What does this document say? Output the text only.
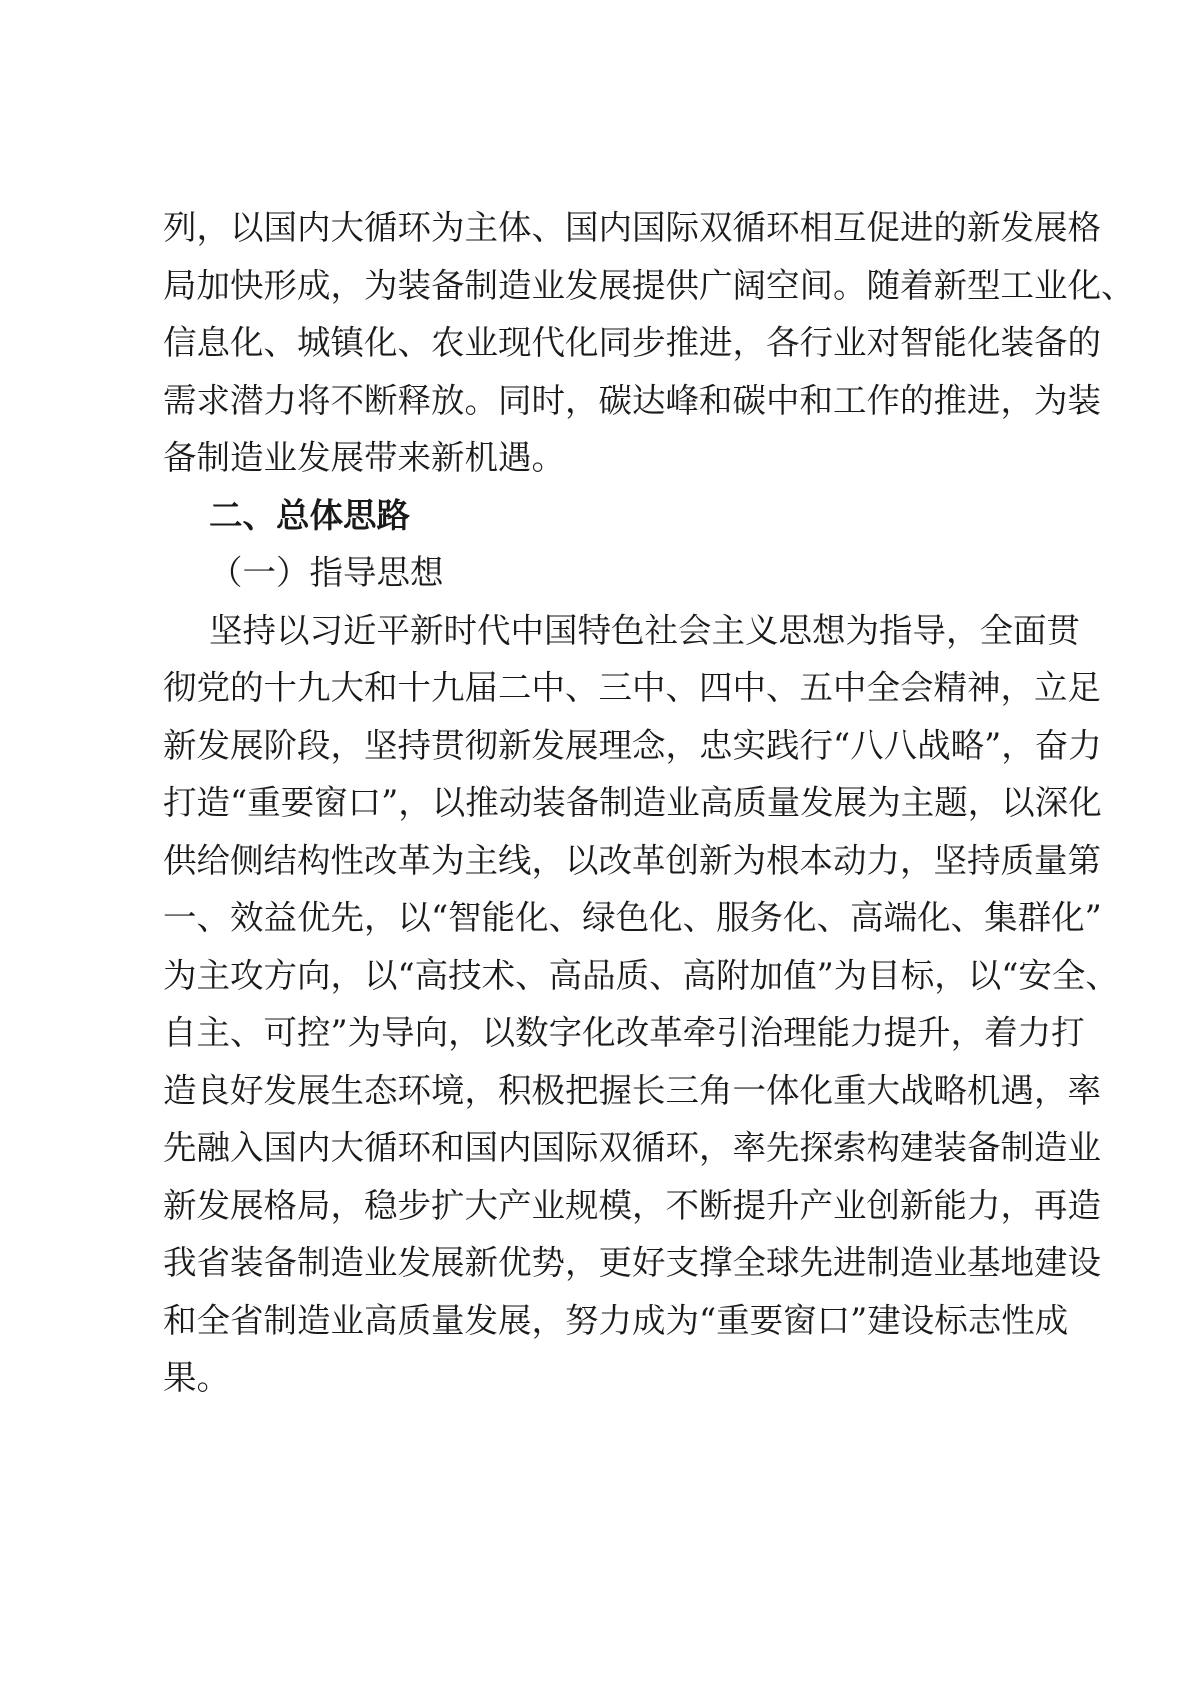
列，以国内大循环为主体、国内国际双循环相互促进的新发展格
局加快形成，为装备制造业发展提供广阔空间。随着新型工业化、
信息化、城镇化、农业现代化同步推进，各行业对智能化装备的
需求潜力将不断释放。同时，碳达峰和碳中和工作的推进，为装
备制造业发展带来新机遇。
二、总体思路
（一）指导思想
坚持以习近平新时代中国特色社会主义思想为指导，全面贯
彻党的十九大和十九届二中、三中、四中、五中全会精神，立足
新发展阶段，坚持贯彻新发展理念，忠实践行“八八战略”，奋力
打造“重要窗口”，以推动装备制造业高质量发展为主题，以深化
供给侧结构性改革为主线，以改革创新为根本动力，坚持质量第
一、效益优先，以“智能化、绿色化、服务化、高端化、集群化”
为主攻方向，以“高技术、高品质、高附加值”为目标，以“安全、
自主、可控”为导向，以数字化改革牵引治理能力提升，着力打
造良好发展生态环境，积极把握长三角一体化重大战略机遇，率
先融入国内大循环和国内国际双循环，率先探索构建装备制造业
新发展格局，稳步扩大产业规模，不断提升产业创新能力，再造
我省装备制造业发展新优势，更好支撑全球先进制造业基地建设
和全省制造业高质量发展，努力成为“重要窗口”建设标志性成
果。
